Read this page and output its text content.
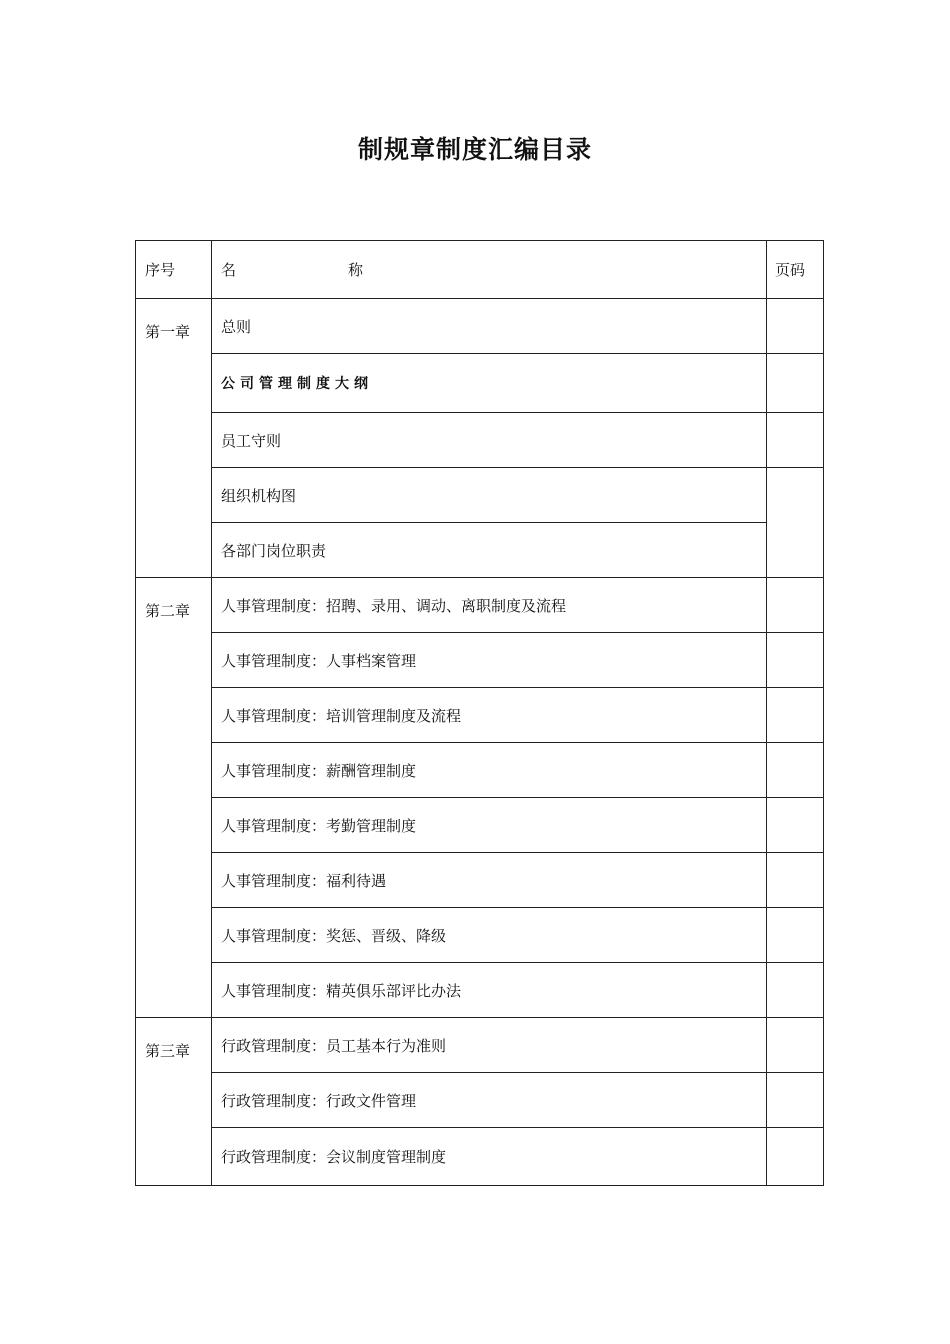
制规章制度汇编目录
序号	名 称	页码
第一章	总则	
	公司管理制度大纲	
	员工守则	
	组织机构图	
	各部门岗位职责	
第二章	人事管理制度：招聘、录用、调动、离职制度及流程	
	人事管理制度：人事档案管理	
	人事管理制度：培训管理制度及流程	
	人事管理制度：薪酬管理制度	
	人事管理制度：考勤管理制度	
	人事管理制度：福利待遇	
	人事管理制度：奖惩、晋级、降级	
	人事管理制度：精英俱乐部评比办法	
第三章	行政管理制度：员工基本行为准则	
	行政管理制度：行政文件管理	
	行政管理制度：会议制度管理制度	
